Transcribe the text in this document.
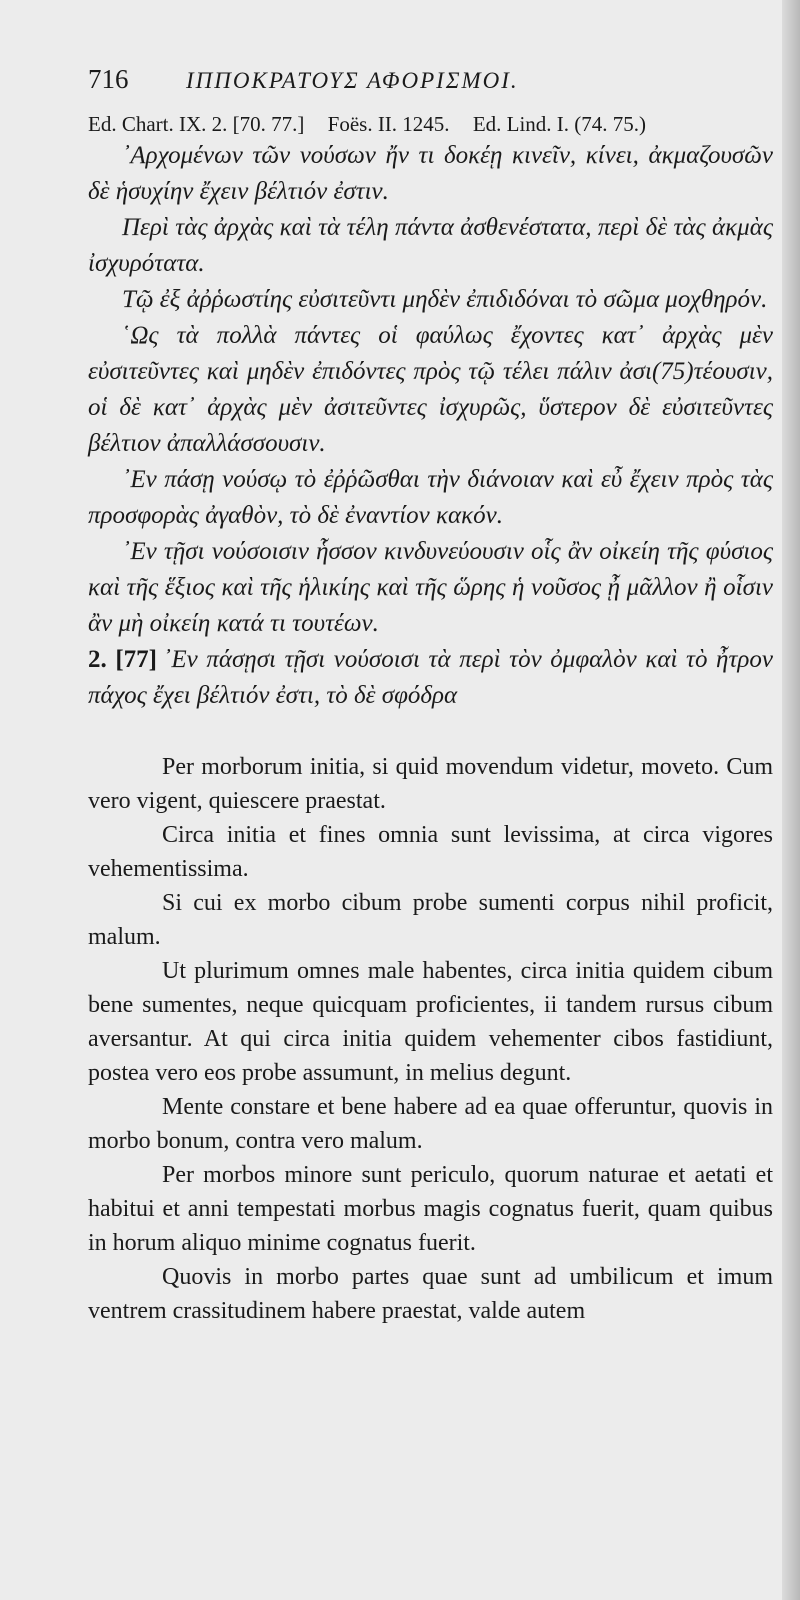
716	ΙΠΠΟΚΡΑΤΟΥΣ ΑΦΟΡΙΣΜΟΙ.
Ed. Chart. IX. 2. [70. 77.] Foës. II. 1245. Ed. Lind. I. (74. 75.)

᾿Αρχομένων τῶν νούσων ἤν τι δοκέῃ κινεῖν, κίνει, ἀκμαζουσῶν δὲ ἡσυχίην ἔχειν βέλτιόν ἐστιν.

Περὶ τὰς ἀρχὰς καὶ τὰ τέλη πάντα ἀσθενέστατα, περὶ δὲ τὰς ἀκμὰς ἰσχυρότατα.

Τῷ ἐξ ἀῤῥωστίης εὐσιτεῦντι μηδὲν ἐπιδιδόναι τὸ σῶμα μοχθηρόν.

῾Ως τὰ πολλὰ πάντες οἱ φαύλως ἔχοντες κατ᾿ ἀρχὰς μὲν εὐσιτεῦντες καὶ μηδὲν ἐπιδόντες πρὸς τῷ τέλει πάλιν ἀσι(75)τέουσιν, οἱ δὲ κατ᾿ ἀρχὰς μὲν ἀσιτεῦντες ἰσχυρῶς, ὕστερον δὲ εὐσιτεῦντες βέλτιον ἀπαλλάσσουσιν.

᾿Εν πάσῃ νούσῳ τὸ ἐῤῥῶσθαι τὴν διάνοιαν καὶ εὖ ἔχειν πρὸς τὰς προσφορὰς ἀγαθὸν, τὸ δὲ ἐναντίον κακόν.

᾿Εν τῇσι νούσοισιν ἧσσον κινδυνεύουσιν οἷς ἂν οἰκείη τῆς φύσιος καὶ τῆς ἕξιος καὶ τῆς ἡλικίης καὶ τῆς ὥρης ἡ νοῦσος ᾖ μᾶλλον ἢ οἷσιν ἂν μὴ οἰκείη κατά τι τουτέων.

2. [77] ᾿Εν πάσῃσι τῇσι νούσοισι τὰ περὶ τὸν ὀμφαλὸν καὶ τὸ ἦτρον πάχος ἔχει βέλτιόν ἐστι, τὸ δὲ σφόδρα

Per morborum initia, si quid movendum videtur, moveto. Cum vero vigent, quiescere praestat.

Circa initia et fines omnia sunt levissima, at circa vigores vehementissima.

Si cui ex morbo cibum probe sumenti corpus nihil proficit, malum.

Ut plurimum omnes male habentes, circa initia quidem cibum bene sumentes, neque quicquam proficientes, ii tandem rursus cibum aversantur. At qui circa initia quidem vehementer cibos fastidiunt, postea vero eos probe assumunt, in melius degunt.

Mente constare et bene habere ad ea quae offeruntur, quovis in morbo bonum, contra vero malum.

Per morbos minore sunt periculo, quorum naturae et aetati et habitui et anni tempestati morbus magis cognatus fuerit, quam quibus in horum aliquo minime cognatus fuerit.

Quovis in morbo partes quae sunt ad umbilicum et imum ventrem crassitudinem habere praestat, valde autem
